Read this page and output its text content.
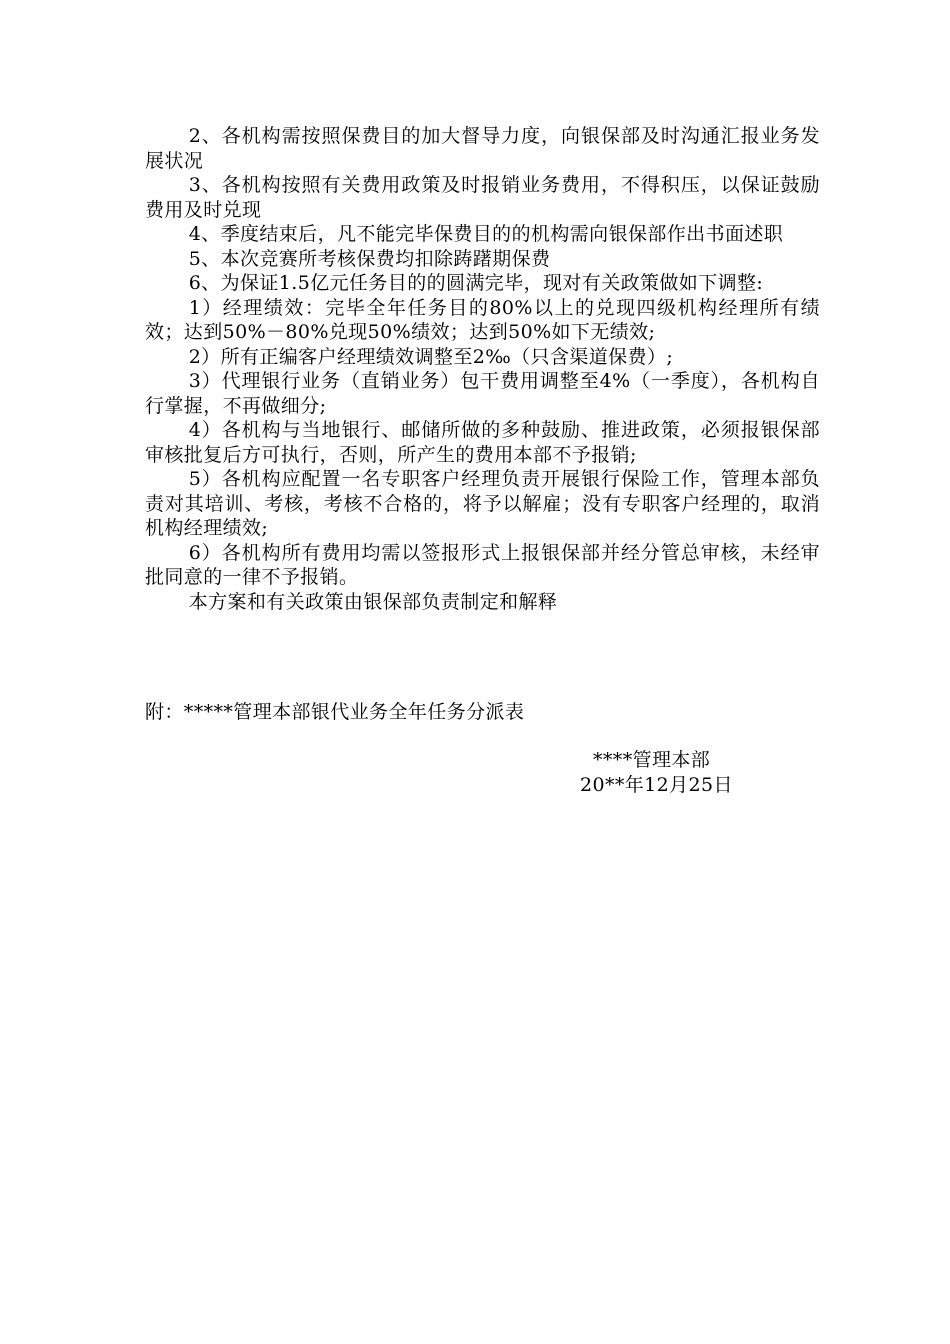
2、各机构需按照保费目的加大督导力度，向银保部及时沟通汇报业务发展状况

3、各机构按照有关费用政策及时报销业务费用，不得积压，以保证鼓励费用及时兑现

4、季度结束后，凡不能完毕保费目的的机构需向银保部作出书面述职

5、本次竞赛所考核保费均扣除踌躇期保费

6、为保证1.5亿元任务目的的圆满完毕，现对有关政策做如下调整:

1）经理绩效：完毕全年任务目的80%以上的兑现四级机构经理所有绩效；达到50%－80%兑现50%绩效；达到50%如下无绩效;

2）所有正编客户经理绩效调整至2‰（只含渠道保费）;

3）代理银行业务（直销业务）包干费用调整至4%（一季度），各机构自行掌握，不再做细分;

4）各机构与当地银行、邮储所做的多种鼓励、推进政策，必须报银保部审核批复后方可执行，否则，所产生的费用本部不予报销;

5）各机构应配置一名专职客户经理负责开展银行保险工作，管理本部负责对其培训、考核，考核不合格的，将予以解雇；没有专职客户经理的，取消机构经理绩效;

6）各机构所有费用均需以签报形式上报银保部并经分管总审核，未经审批同意的一律不予报销。

本方案和有关政策由银保部负责制定和解释

附：*****管理本部银代业务全年任务分派表

****管理本部
20**年12月25日
